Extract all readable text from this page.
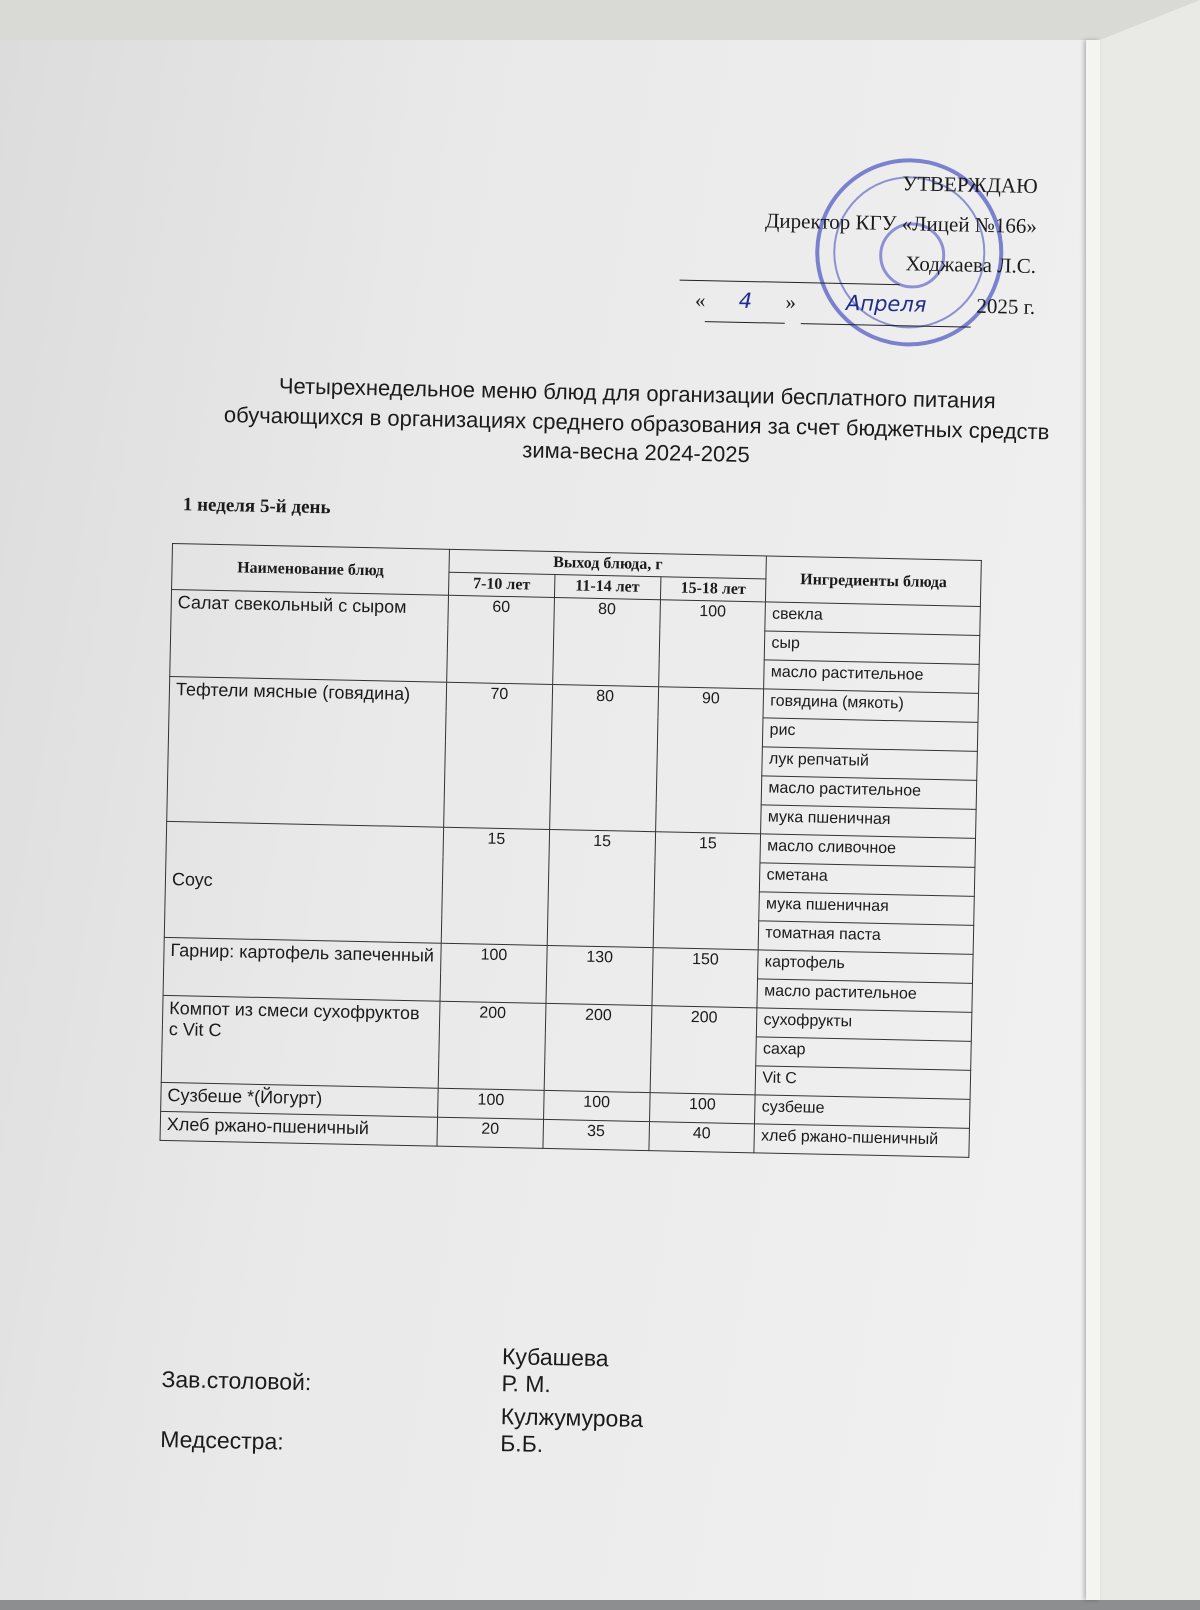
УТВЕРЖДАЮ
Директор КГУ «Лицей №166»
Ходжаева Л.С.
« 4 » Апреля 2025 г.
Четырехнедельное меню блюд для организации бесплатного питания обучающихся в организациях среднего образования за счет бюджетных средств зима-весна 2024-2025
1 неделя 5-й день
Наименование блюд	Выход блюда, г			Ингредиенты блюда
	7-10 лет	11-14 лет	15-18 лет	
Салат свекольный с сыром	60	80	100	свекла
				сыр
				масло растительное
Тефтели мясные (говядина)	70	80	90	говядина (мякоть)
				рис
				лук репчатый
				масло растительное
				мука пшеничная
Соус	15	15	15	масло сливочное
				сметана
				мука пшеничная
				томатная паста
Гарнир: картофель запеченный	100	130	150	картофель
				масло растительное
Компот из смеси сухофруктов с Vit C	200	200	200	сухофрукты
				сахар
				Vit C
Сузбеше *(Йогурт)	100	100	100	сузбеше
Хлеб ржано-пшеничный	20	35	40	хлеб ржано-пшеничный
Кубашева Р. М.
Зав.столовой:
Кулжумурова Б.Б.
Медсестра:
